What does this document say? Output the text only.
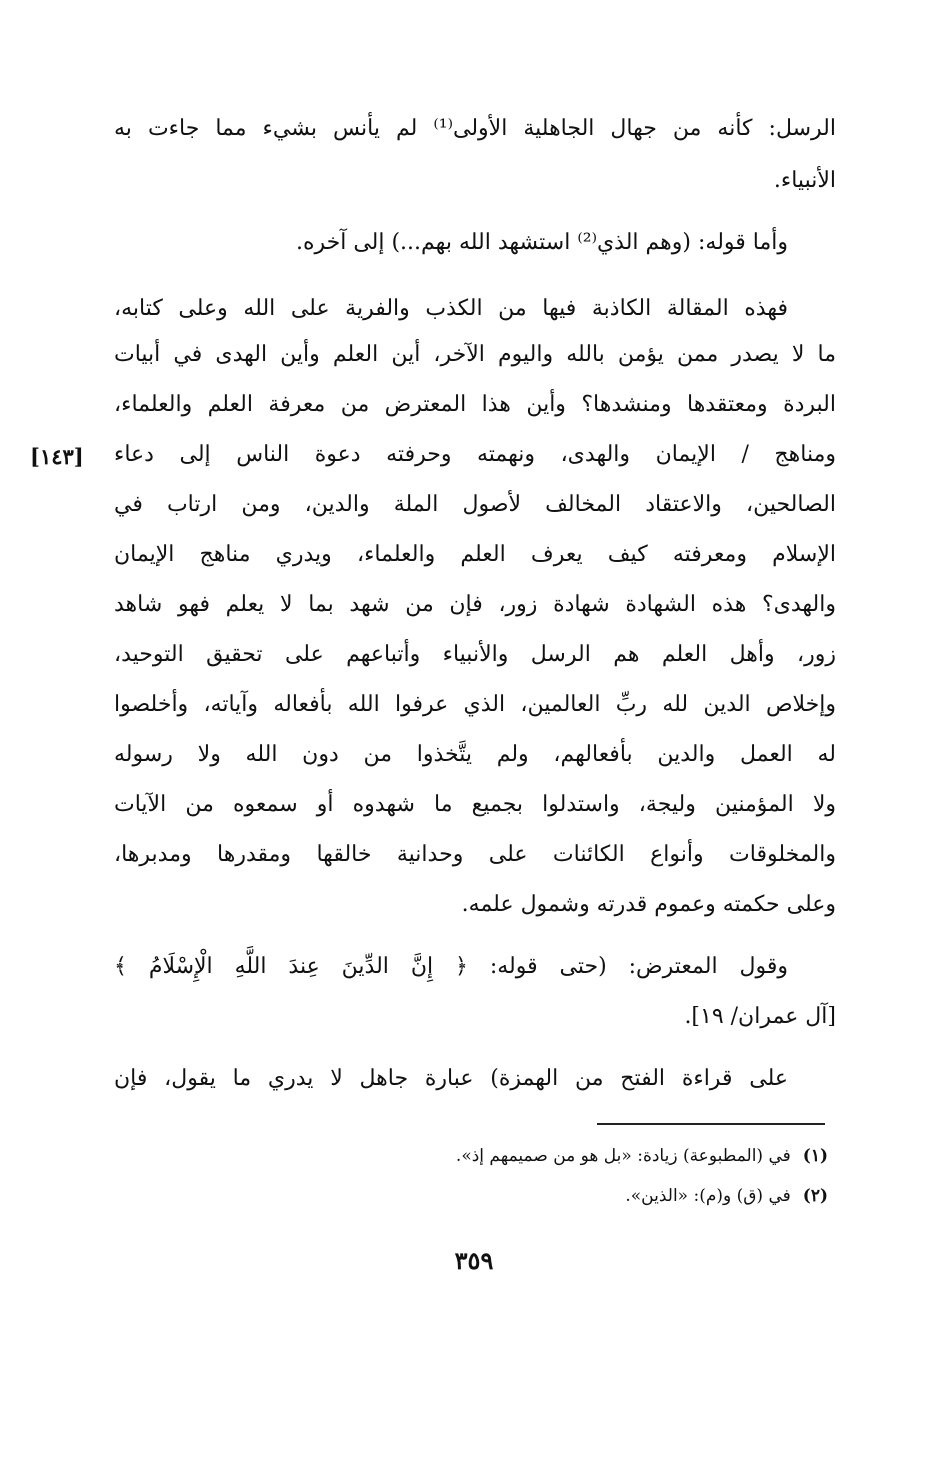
الرسل: كأنه من جهال الجاهلية الأولى⁽¹⁾ لم يأنس بشيء مما جاءت به
الأنبياء.
وأما قوله: (وهم الذي⁽²⁾ استشهد الله بهم...) إلى آخره.
فهذه المقالة الكاذبة فيها من الكذب والفرية على الله وعلى كتابه،
ما لا يصدر ممن يؤمن بالله واليوم الآخر، أين العلم وأين الهدى في أبيات
البردة ومعتقدها ومنشدها؟ وأين هذا المعترض من معرفة العلم والعلماء،
ومناهج / الإيمان والهدى، ونهمته وحرفته دعوة الناس إلى دعاء
الصالحين، والاعتقاد المخالف لأصول الملة والدين، ومن ارتاب في
الإسلام ومعرفته كيف يعرف العلم والعلماء، ويدري مناهج الإيمان
والهدى؟ هذه الشهادة شهادة زور، فإن من شهد بما لا يعلم فهو شاهد
زور، وأهل العلم هم الرسل والأنبياء وأتباعهم على تحقيق التوحيد،
وإخلاص الدين لله ربِّ العالمين، الذي عرفوا الله بأفعاله وآياته، وأخلصوا
له العمل والدين بأفعالهم، ولم يتَّخذوا من دون الله ولا رسوله
ولا المؤمنين وليجة، واستدلوا بجميع ما شهدوه أو سمعوه من الآيات
والمخلوقات وأنواع الكائنات على وحدانية خالقها ومقدرها ومدبرها،
وعلى حكمته وعموم قدرته وشمول علمه.
وقول المعترض: (حتى قوله: ﴿ إِنَّ الدِّينَ عِندَ اللَّهِ الْإِسْلَامُ ﴾
[آل عمران/ ١٩].
على قراءة الفتح من الهمزة) عبارة جاهل لا يدري ما يقول، فإن
[١٤٣]
(١)في (المطبوعة) زيادة: «بل هو من صميمهم إذ».
(٢)في (ق) و(م): «الذين».
٣٥٩
